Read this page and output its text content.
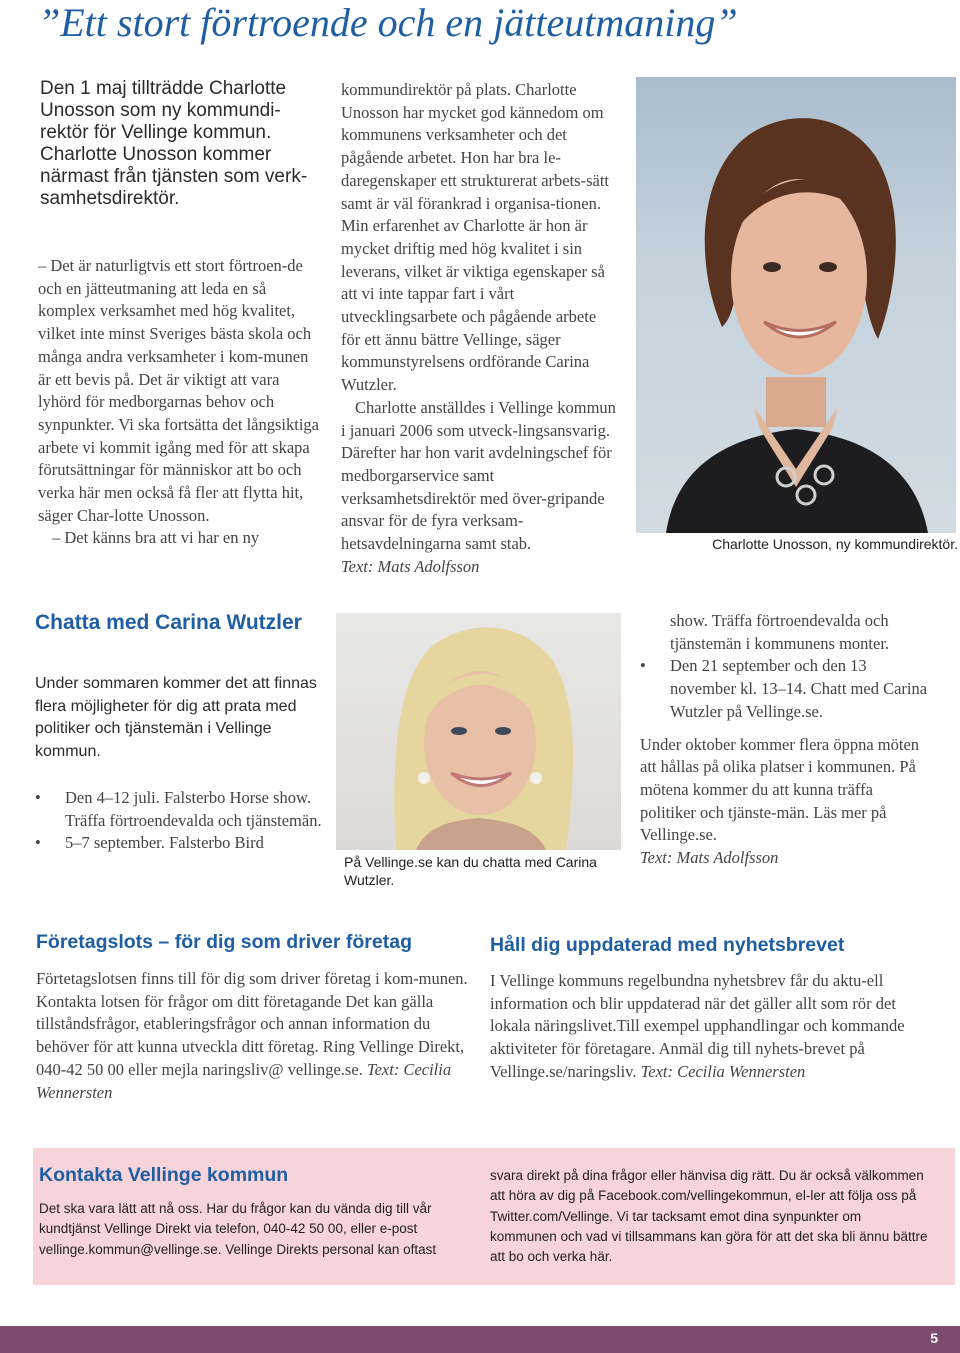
”Ett stort förtroende och en jätteutmaning”
Den 1 maj tillträdde Charlotte Unosson som ny kommundi-rektör för Vellinge kommun. Charlotte Unosson kommer närmast från tjänsten som verk-samhetsdirektör.

– Det är naturligtvis ett stort förtroen-de och en jätteutmaning att leda en så komplex verksamhet med hög kvalitet, vilket inte minst Sveriges bästa skola och många andra verksamheter i kom-munen är ett bevis på. Det är viktigt att vara lyhörd för medborgarnas behov och synpunkter. Vi ska fortsätta det långsiktiga arbete vi kommit igång med för att skapa förutsättningar för människor att bo och verka här men också få fler att flytta hit, säger Char-lotte Unosson.

– Det känns bra att vi har en ny

kommundirektör på plats. Charlotte Unosson har mycket god kännedom om kommunens verksamheter och det pågående arbetet. Hon har bra le-daregenskaper ett strukturerat arbets-sätt samt är väl förankrad i organisa-tionen. Min erfarenhet av Charlotte är hon är mycket driftig med hög kvalitet i sin leverans, vilket är viktiga egenskaper så att vi inte tappar fart i vårt utvecklingsarbete och pågående arbete för ett ännu bättre Vellinge, säger kommunstyrelsens ordförande Carina Wutzler.

Charlotte anställdes i Vellinge kommun i januari 2006 som utveck-lingsansvarig. Därefter har hon varit avdelningschef för medborgarservice samt verksamhetsdirektör med över-gripande ansvar för de fyra verksam-hetsavdelningarna samt stab.

Text: Mats Adolfsson

Charlotte Unosson, ny kommundirektör.
Chatta med Carina Wutzler
Under sommaren kommer det att finnas flera möjligheter för dig att prata med politiker och tjänstemän i Vellinge kommun.
• Den 4–12 juli. Falsterbo Horse show. Träffa förtroendevalda och tjänstemän.
• 5–7 september. Falsterbo Bird
På Vellinge.se kan du chatta med Carina Wutzler.

show. Träffa förtroendevalda och tjänstemän i kommunens monter.

• Den 21 september och den 13 november kl. 13–14. Chatt med Carina Wutzler på Vellinge.se.

Under oktober kommer flera öppna möten att hållas på olika platser i kommunen. På mötena kommer du att kunna träffa politiker och tjänste-män. Läs mer på Vellinge.se.

Text: Mats Adolfsson

Företagslots – för dig som driver företag
Förtetagslotsen finns till för dig som driver företag i kom-munen. Kontakta lotsen för frågor om ditt företagande Det kan gälla tillståndsfrågor, etableringsfrågor och annan information du behöver för att kunna utveckla ditt företag. Ring Vellinge Direkt, 040-42 50 00 eller mejla naringsliv@ vellinge.se. Text: Cecilia Wennersten
Håll dig uppdaterad med nyhetsbrevet
I Vellinge kommuns regelbundna nyhetsbrev får du aktu-ell information och blir uppdaterad när det gäller allt som rör det lokala näringslivet.Till exempel upphandlingar och kommande aktiviteter för företagare. Anmäl dig till nyhets-brevet på Vellinge.se/naringsliv. Text: Cecilia Wennersten
Kontakta Vellinge kommun
Det ska vara lätt att nå oss. Har du frågor kan du vända dig till vår kundtjänst Vellinge Direkt via telefon, 040-42 50 00, eller e-post vellinge.kommun@vellinge.se. Vellinge Direkts personal kan oftast
svara direkt på dina frågor eller hänvisa dig rätt. Du är också välkommen att höra av dig på Facebook.com/vellingekommun, el-ler att följa oss på Twitter.com/Vellinge. Vi tar tacksamt emot dina synpunkter om kommunen och vad vi tillsammans kan göra för att det ska bli ännu bättre att bo och verka här.
5
